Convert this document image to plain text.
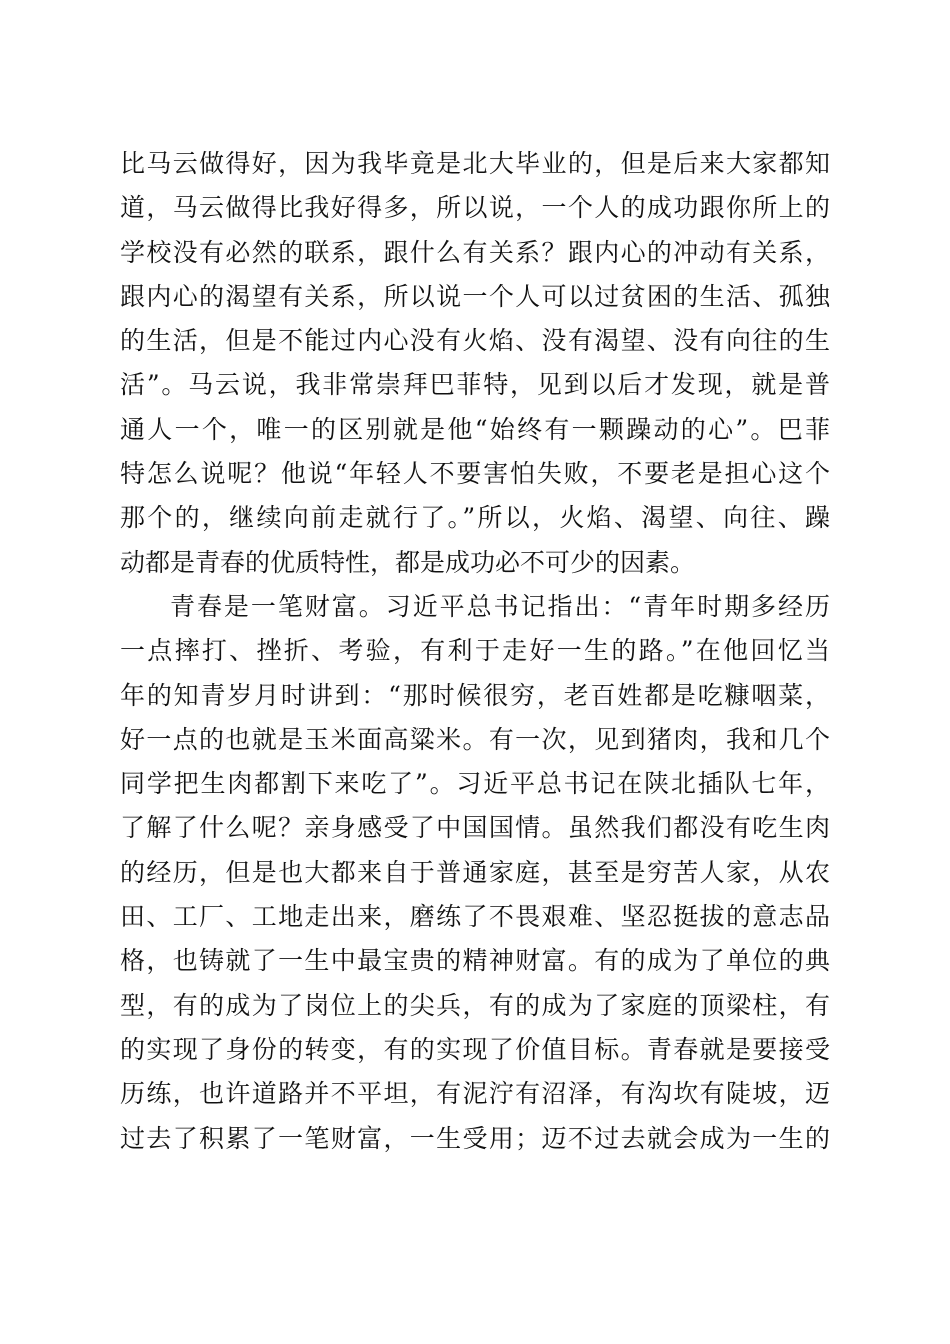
比马云做得好，因为我毕竟是北大毕业的，但是后来大家都知
道，马云做得比我好得多，所以说，一个人的成功跟你所上的
学校没有必然的联系，跟什么有关系？跟内心的冲动有关系，
跟内心的渴望有关系，所以说一个人可以过贫困的生活、孤独
的生活，但是不能过内心没有火焰、没有渴望、没有向往的生
活”。马云说，我非常崇拜巴菲特，见到以后才发现，就是普
通人一个，唯一的区别就是他“始终有一颗躁动的心”。巴菲
特怎么说呢？他说“年轻人不要害怕失败，不要老是担心这个
那个的，继续向前走就行了。”所以，火焰、渴望、向往、躁
动都是青春的优质特性，都是成功必不可少的因素。
青春是一笔财富。习近平总书记指出：“青年时期多经历
一点摔打、挫折、考验，有利于走好一生的路。”在他回忆当
年的知青岁月时讲到：“那时候很穷，老百姓都是吃糠咽菜，
好一点的也就是玉米面高粱米。有一次，见到猪肉，我和几个
同学把生肉都割下来吃了”。习近平总书记在陕北插队七年，
了解了什么呢？亲身感受了中国国情。虽然我们都没有吃生肉
的经历，但是也大都来自于普通家庭，甚至是穷苦人家，从农
田、工厂、工地走出来，磨练了不畏艰难、坚忍挺拔的意志品
格，也铸就了一生中最宝贵的精神财富。有的成为了单位的典
型，有的成为了岗位上的尖兵，有的成为了家庭的顶梁柱，有
的实现了身份的转变，有的实现了价值目标。青春就是要接受
历练，也许道路并不平坦，有泥泞有沼泽，有沟坎有陡坡，迈
过去了积累了一笔财富，一生受用；迈不过去就会成为一生的
